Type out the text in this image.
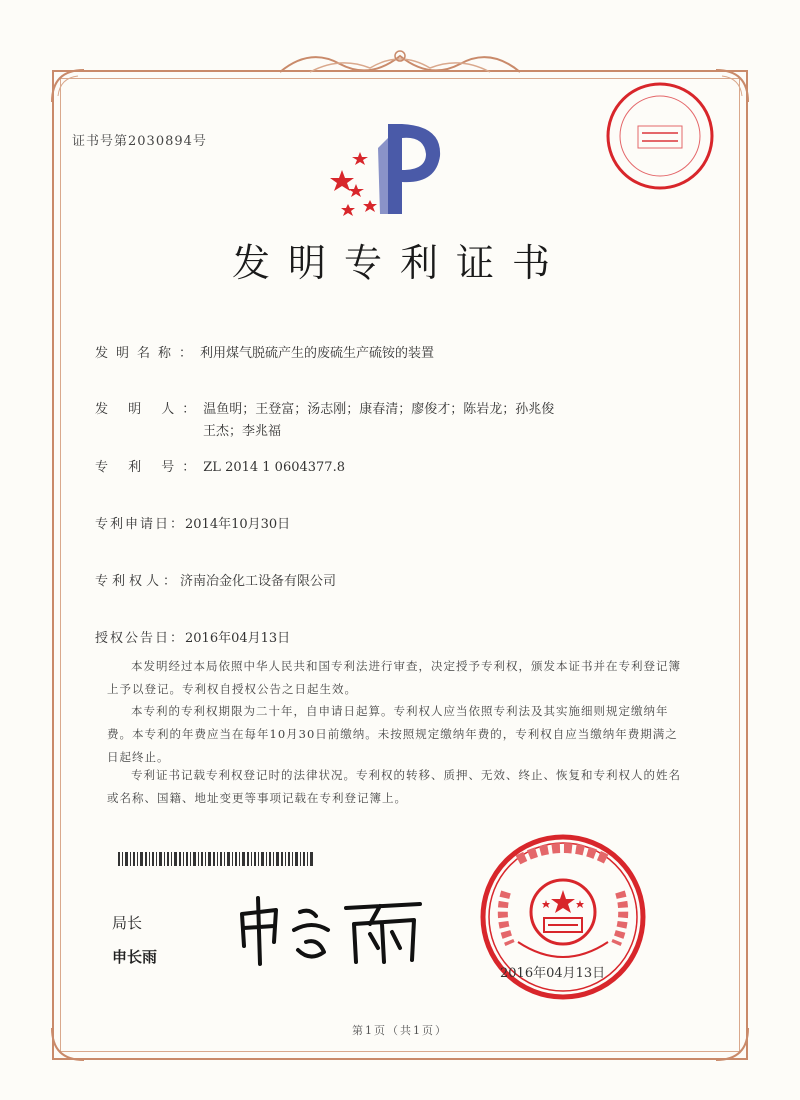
证书号第2030894号
发明专利证书
发明名称：利用煤气脱硫产生的废硫生产硫铵的装置
发 明 人：温鱼明；王登富；汤志刚；康春清；廖俊才；陈岩龙；孙兆俊
王杰；李兆福
专 利 号：ZL 2014 1 0604377.8
专利申请日：2014年10月30日
专利权人：济南冶金化工设备有限公司
授权公告日：2016年04月13日
本发明经过本局依照中华人民共和国专利法进行审查，决定授予专利权，颁发本证书并在专利登记簿上予以登记。专利权自授权公告之日起生效。
本专利的专利权期限为二十年，自申请日起算。专利权人应当依照专利法及其实施细则规定缴纳年费。本专利的年费应当在每年10月30日前缴纳。未按照规定缴纳年费的，专利权自应当缴纳年费期满之日起终止。
专利证书记载专利权登记时的法律状况。专利权的转移、质押、无效、终止、恢复和专利权人的姓名或名称、国籍、地址变更等事项记载在专利登记簿上。
局长
申长雨
2016年04月13日
第1页（共1页）
